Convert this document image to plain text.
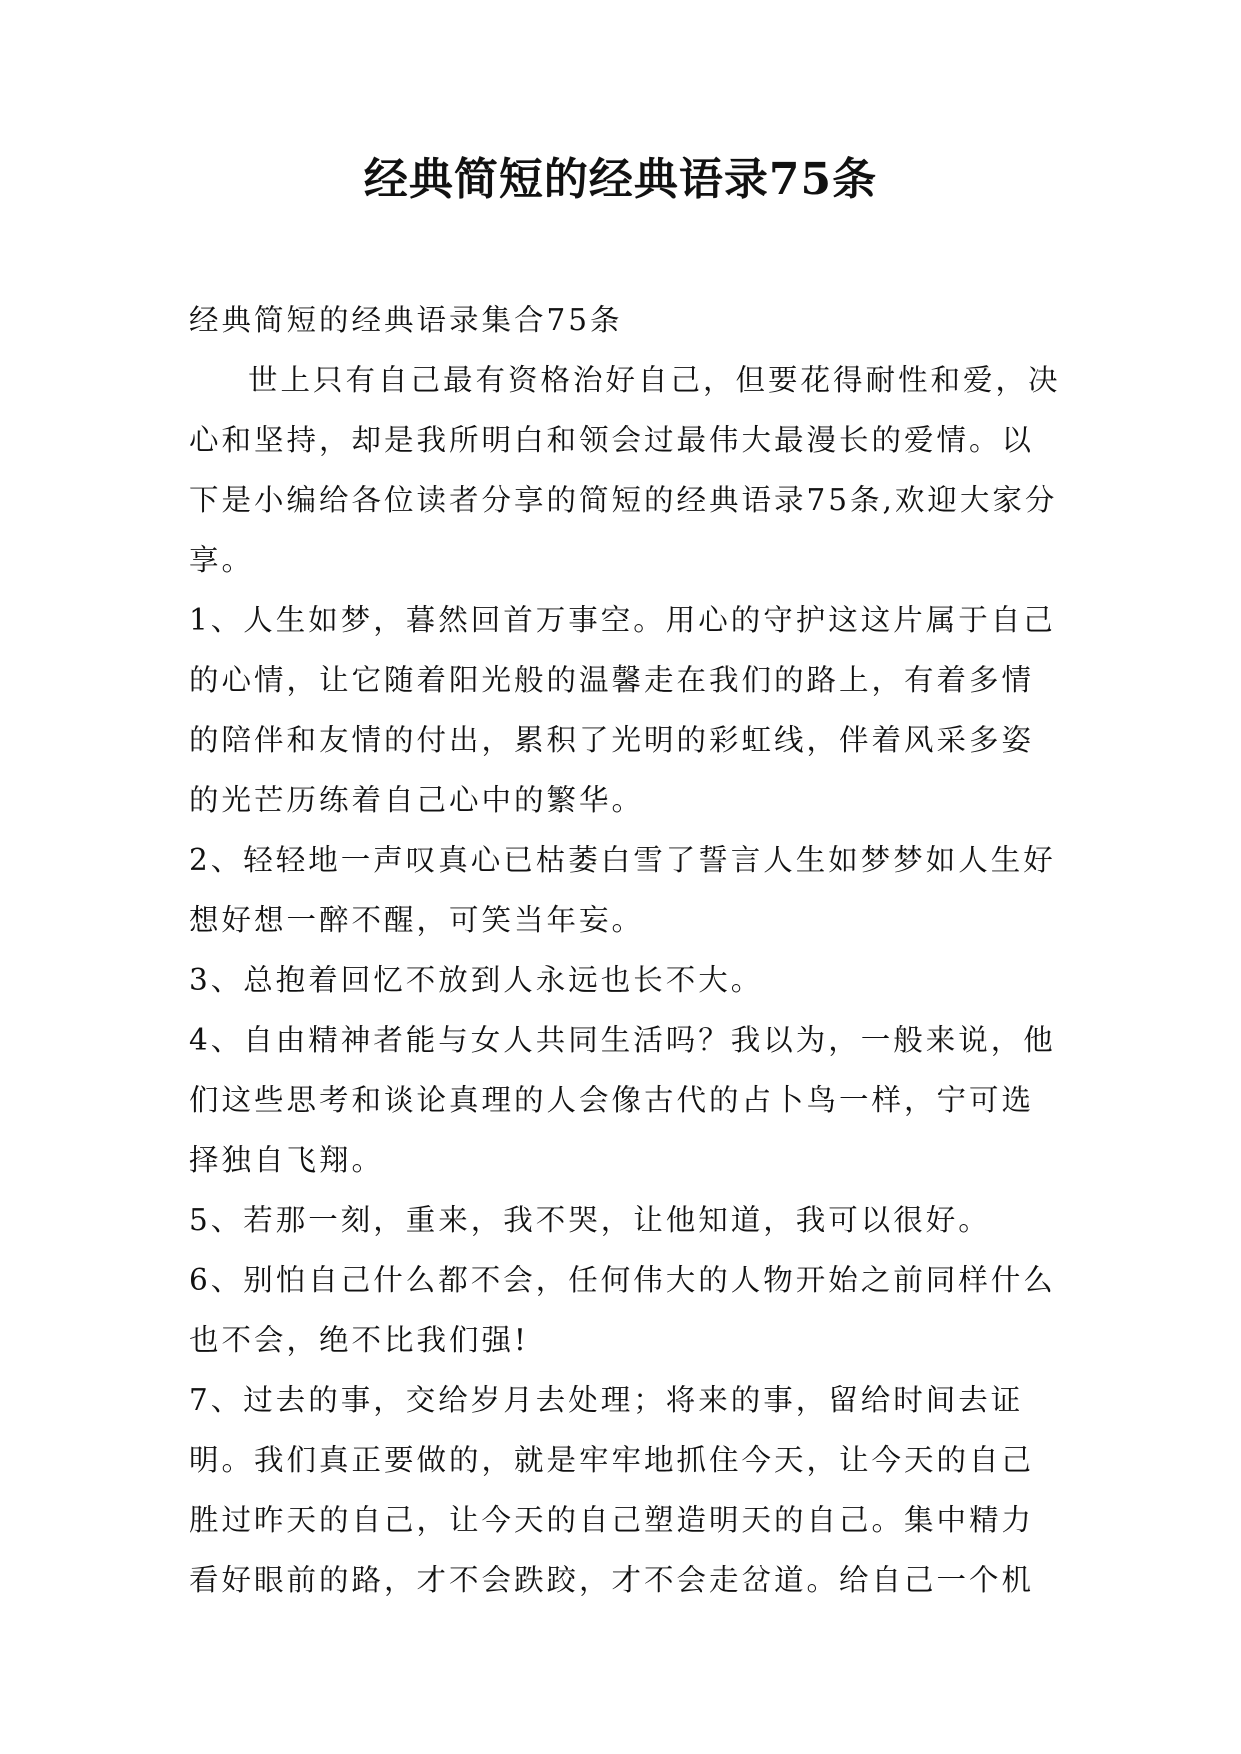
经典简短的经典语录75条

经典简短的经典语录集合75条

世上只有自己最有资格治好自己，但要花得耐性和爱，决心和坚持，却是我所明白和领会过最伟大最漫长的爱情。以下是小编给各位读者分享的简短的经典语录75条,欢迎大家分享。

1、人生如梦，暮然回首万事空。用心的守护这这片属于自己的心情，让它随着阳光般的温馨走在我们的路上，有着多情的陪伴和友情的付出，累积了光明的彩虹线，伴着风采多姿的光芒历练着自己心中的繁华。

2、轻轻地一声叹真心已枯萎白雪了誓言人生如梦梦如人生好想好想一醉不醒，可笑当年妄。

3、总抱着回忆不放到人永远也长不大。

4、自由精神者能与女人共同生活吗？我以为，一般来说，他们这些思考和谈论真理的人会像古代的占卜鸟一样，宁可选择独自飞翔。

5、若那一刻，重来，我不哭，让他知道，我可以很好。

6、别怕自己什么都不会，任何伟大的人物开始之前同样什么也不会，绝不比我们强!

7、过去的事，交给岁月去处理；将来的事，留给时间去证明。我们真正要做的，就是牢牢地抓住今天，让今天的自己胜过昨天的自己，让今天的自己塑造明天的自己。集中精力看好眼前的路，才不会跌跤，才不会走岔道。给自己一个机
